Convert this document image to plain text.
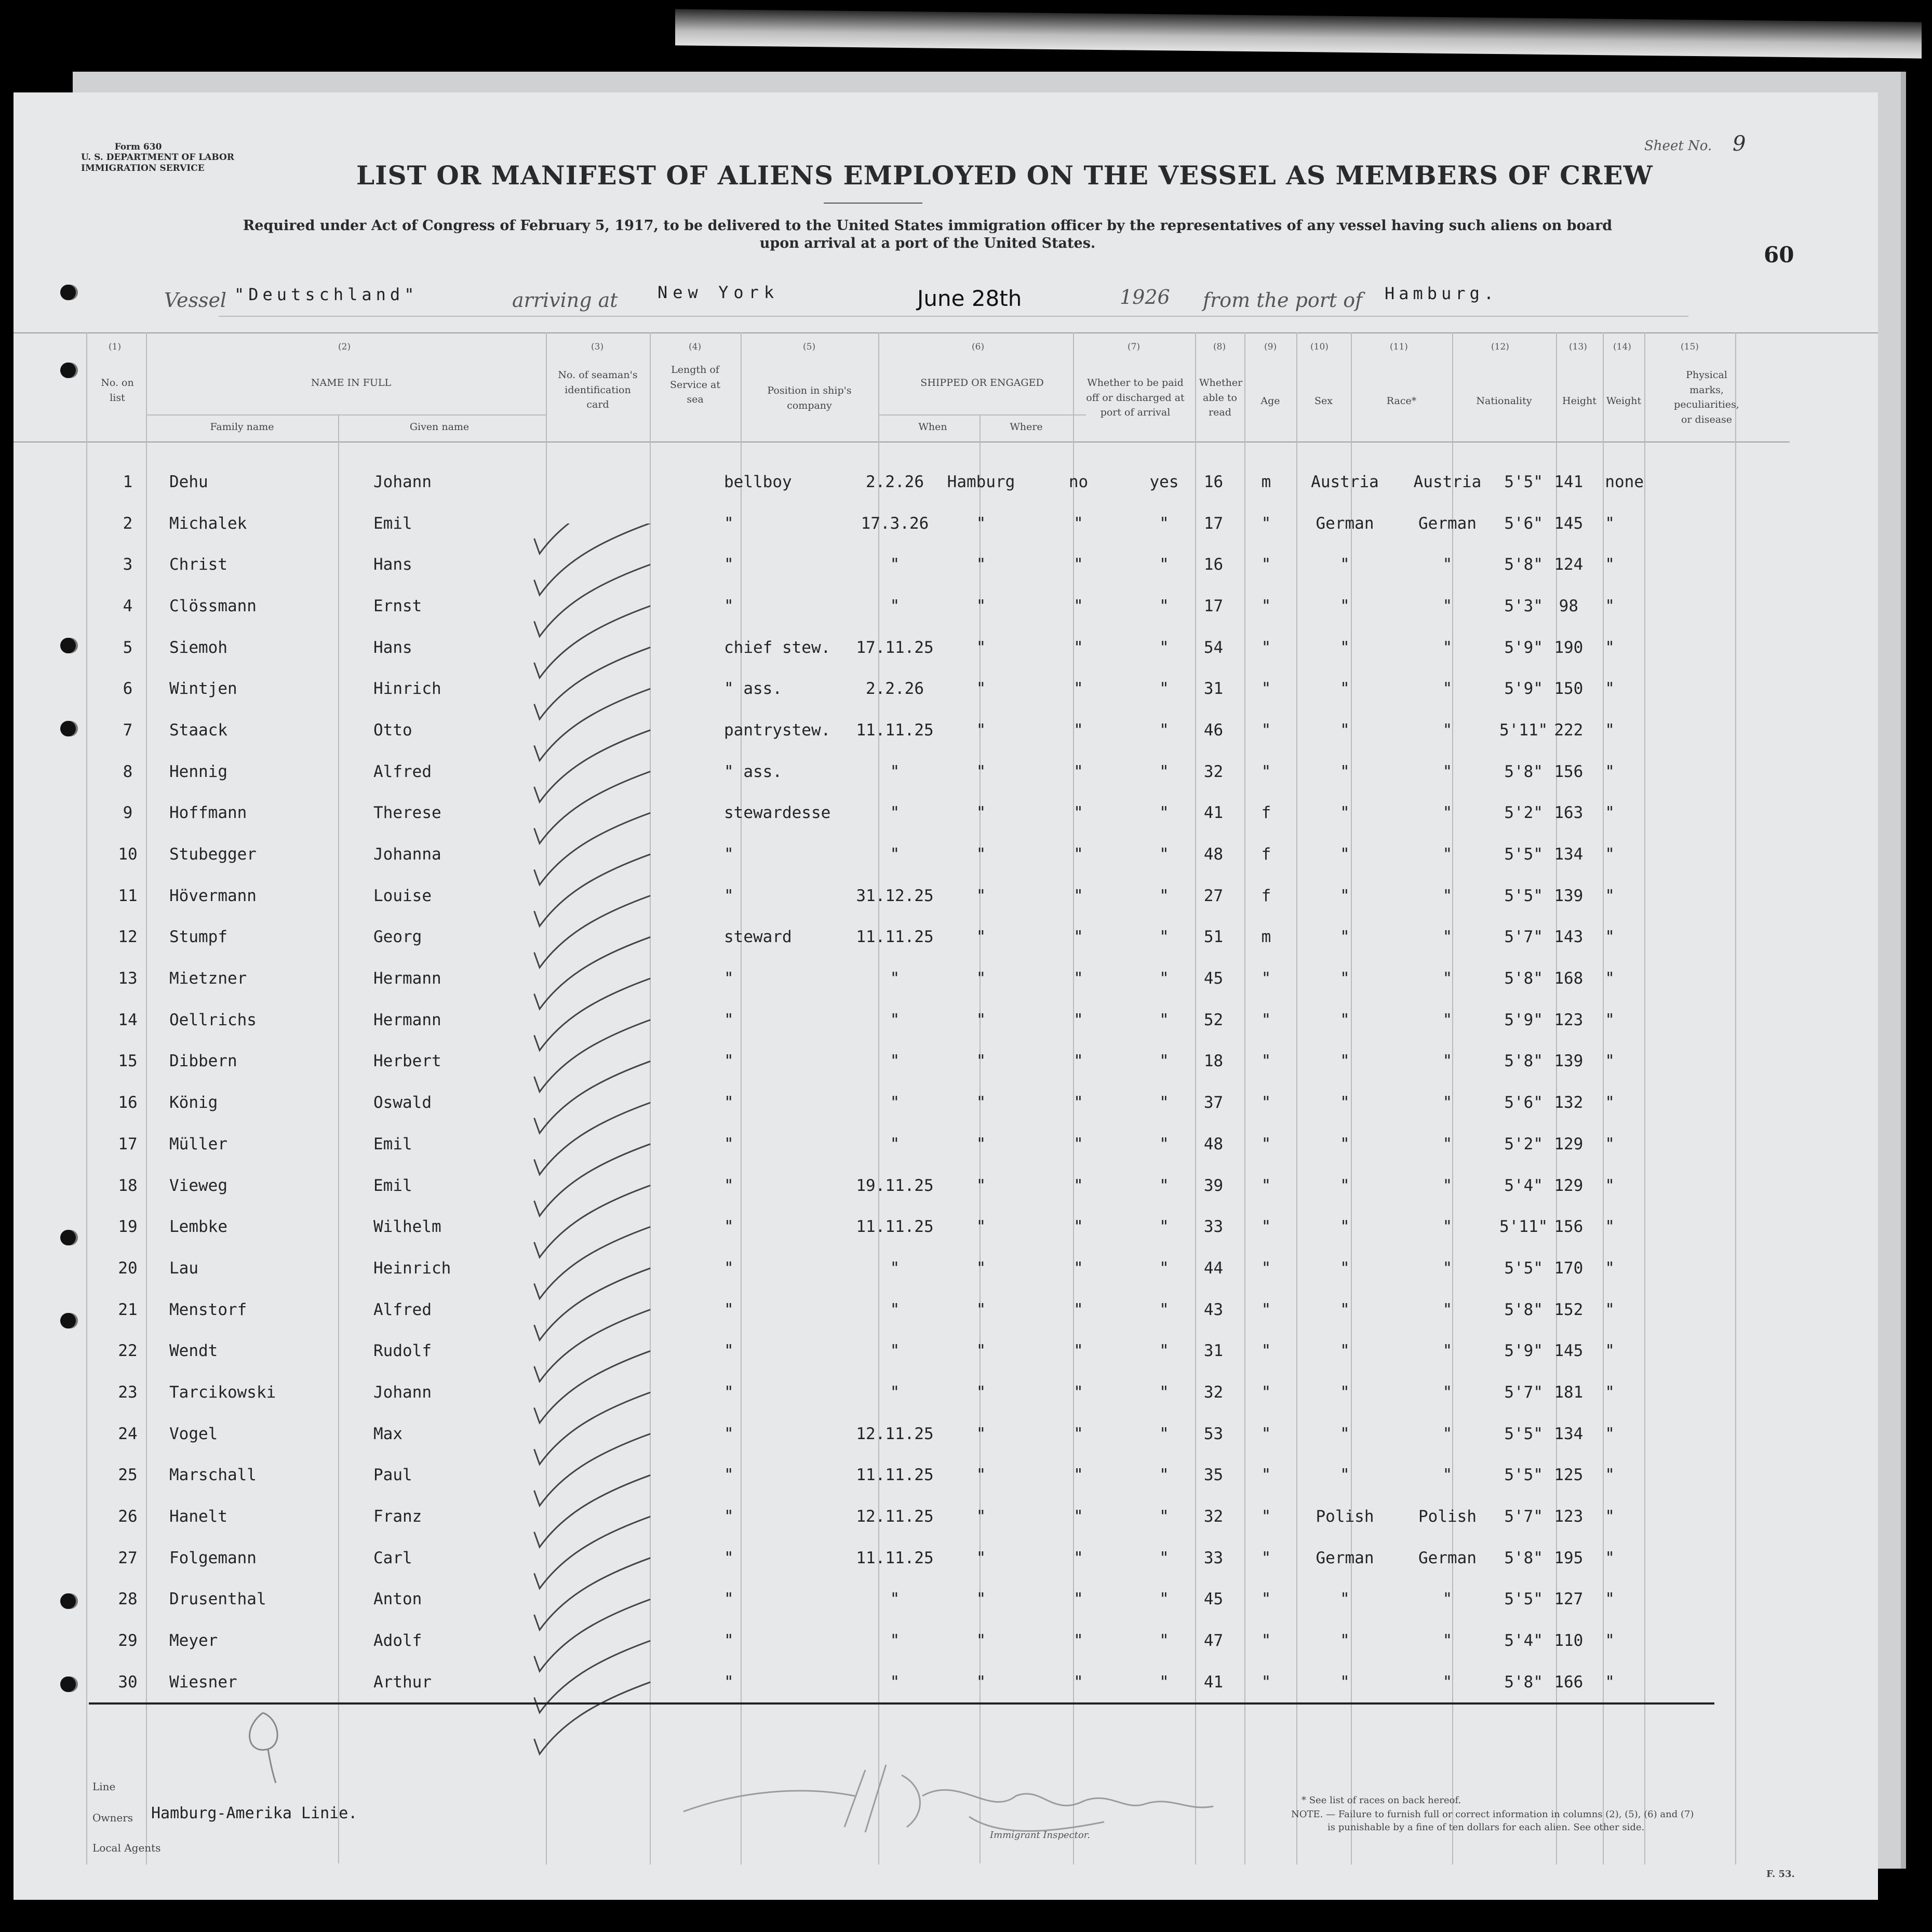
Form 630
U. S. DEPARTMENT OF LABOR
IMMIGRATION SERVICE
Sheet No. 9
60
LIST OR MANIFEST OF ALIENS EMPLOYED ON THE VESSEL AS MEMBERS OF CREW
Required under Act of Congress of February 5, 1917, to be delivered to the United States immigration officer by the representatives of any vessel having such aliens on board upon arrival at a port of the United States.
Vessel "Deutschland"	arriving at New York	June 28th	1926 from the port of Hamburg.
(1)	(2)	(3)	(4)	(5)	(6)	(7)	(8)	(9)	(10)	(11)	(12)	(13)	(14)	(15)
No. on list
NAME IN FULL
Family name	Given name
No. of seaman's identification card
Length of Service at sea
Position in ship's company
SHIPPED OR ENGAGED
When	Where
Whether to be paid off or discharged at port of arrival
Whether able to read
Age	Sex	Race*	Nationality	Height Weight
Physical marks, peculiarities, or disease
1	Dehu	Johann			bellboy	2.2.26	Hamburg	no	yes	16	m	Austria	Austria	5'5"	141	none
2	Michalek	Emil			"	17.3.26	"	"	"	17	"	German	German	5'6"	145	"
3	Christ	Hans			"	"	"	"	"	16	"	"	"	5'8"	124	"
4	Clössmann	Ernst			"	"	"	"	"	17	"	"	"	5'3"	98	"
5	Siemoh	Hans			chief stew.	17.11.25	"	"	"	54	"	"	"	5'9"	190	"
6	Wintjen	Hinrich			" ass.	2.2.26	"	"	"	31	"	"	"	5'9"	150	"
7	Staack	Otto			pantrystew.	11.11.25	"	"	"	46	"	"	"	5'11"	222	"
8	Hennig	Alfred			" ass.	"	"	"	"	32	"	"	"	5'8"	156	"
9	Hoffmann	Therese			stewardesse	"	"	"	"	41	f	"	"	5'2"	163	"
10	Stubegger	Johanna			"	"	"	"	"	48	f	"	"	5'5"	134	"
11	Hövermann	Louise			"	31.12.25	"	"	"	27	f	"	"	5'5"	139	"
12	Stumpf	Georg			steward	11.11.25	"	"	"	51	m	"	"	5'7"	143	"
13	Mietzner	Hermann			"	"	"	"	"	45	"	"	"	5'8"	168	"
14	Oellrichs	Hermann			"	"	"	"	"	52	"	"	"	5'9"	123	"
15	Dibbern	Herbert			"	"	"	"	"	18	"	"	"	5'8"	139	"
16	König	Oswald			"	"	"	"	"	37	"	"	"	5'6"	132	"
17	Müller	Emil			"	"	"	"	"	48	"	"	"	5'2"	129	"
18	Vieweg	Emil			"	19.11.25	"	"	"	39	"	"	"	5'4"	129	"
19	Lembke	Wilhelm			"	11.11.25	"	"	"	33	"	"	"	5'11"	156	"
20	Lau	Heinrich			"	"	"	"	"	44	"	"	"	5'5"	170	"
21	Menstorf	Alfred			"	"	"	"	"	43	"	"	"	5'8"	152	"
22	Wendt	Rudolf			"	"	"	"	"	31	"	"	"	5'9"	145	"
23	Tarcikowski	Johann			"	"	"	"	"	32	"	"	"	5'7"	181	"
24	Vogel	Max			"	12.11.25	"	"	"	53	"	"	"	5'5"	134	"
25	Marschall	Paul			"	11.11.25	"	"	"	35	"	"	"	5'5"	125	"
26	Hanelt	Franz			"	12.11.25	"	"	"	32	"	Polish	Polish	5'7"	123	"
27	Folgemann	Carl			"	11.11.25	"	"	"	33	"	German	German	5'8"	195	"
28	Drusenthal	Anton			"	"	"	"	"	45	"	"	"	5'5"	127	"
29	Meyer	Adolf			"	"	"	"	"	47	"	"	"	5'4"	110	"
30	Wiesner	Arthur			"	"	"	"	"	41	"	"	"	5'8"	166	"
Line
Owners Hamburg-Amerika Linie.
Local Agents
Immigrant Inspector.
* See list of races on back hereof.
NOTE. — Failure to furnish full or correct information in columns (2), (5), (6) and (7)
is punishable by a fine of ten dollars for each alien. See other side.
F. 53.
